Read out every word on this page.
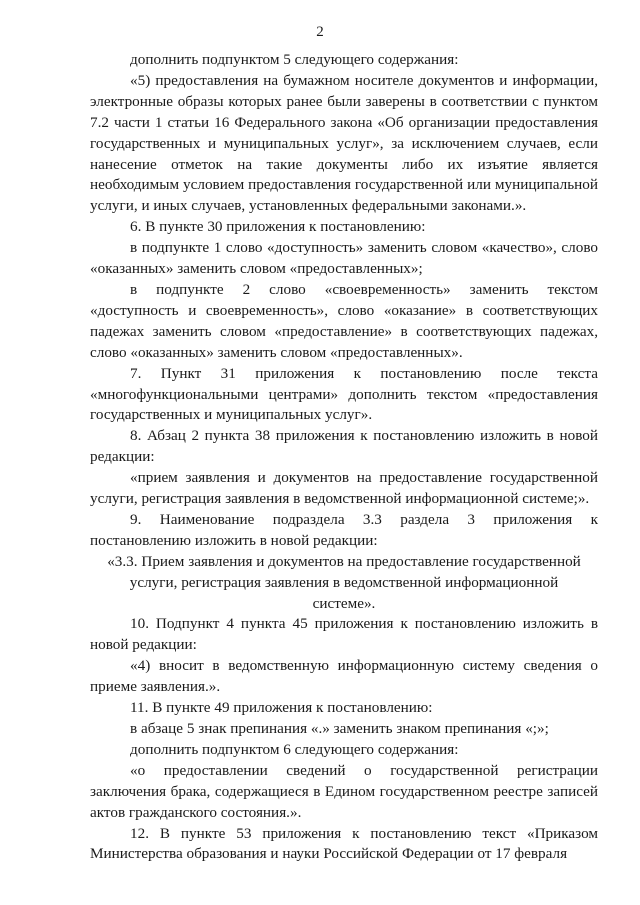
2

дополнить подпунктом 5 следующего содержания:

«5) предоставления на бумажном носителе документов и информации, электронные образы которых ранее были заверены в соответствии с пунктом 7.2 части 1 статьи 16 Федерального закона «Об организации предоставления государственных и муниципальных услуг», за исключением случаев, если нанесение отметок на такие документы либо их изъятие является необходимым условием предоставления государственной или муниципальной услуги, и иных случаев, установленных федеральными законами.».

6. В пункте 30 приложения к постановлению:

в подпункте 1 слово «доступность» заменить словом «качество», слово «оказанных» заменить словом «предоставленных»;

в подпункте 2 слово «своевременность» заменить текстом «доступность и своевременность», слово «оказание» в соответствующих падежах заменить словом «предоставление» в соответствующих падежах, слово «оказанных» заменить словом «предоставленных».

7. Пункт 31 приложения к постановлению после текста «многофункциональными центрами» дополнить текстом «предоставления государственных и муниципальных услуг».

8. Абзац 2 пункта 38 приложения к постановлению изложить в новой редакции:

«прием заявления и документов на предоставление государственной услуги, регистрация заявления в ведомственной информационной системе;».

9. Наименование подраздела 3.3 раздела 3 приложения к постановлению изложить в новой редакции:

«3.3. Прием заявления и документов на предоставление государственной услуги, регистрация заявления в ведомственной информационной системе».

10. Подпункт 4 пункта 45 приложения к постановлению изложить в новой редакции:

«4) вносит в ведомственную информационную систему сведения о приеме заявления.».

11. В пункте 49 приложения к постановлению:

в абзаце 5 знак препинания «.» заменить знаком препинания «;»;

дополнить подпунктом 6 следующего содержания:

«о предоставлении сведений о государственной регистрации заключения брака, содержащиеся в Едином государственном реестре записей актов гражданского состояния.».

12. В пункте 53 приложения к постановлению текст «Приказом Министерства образования и науки Российской Федерации от 17 февраля
